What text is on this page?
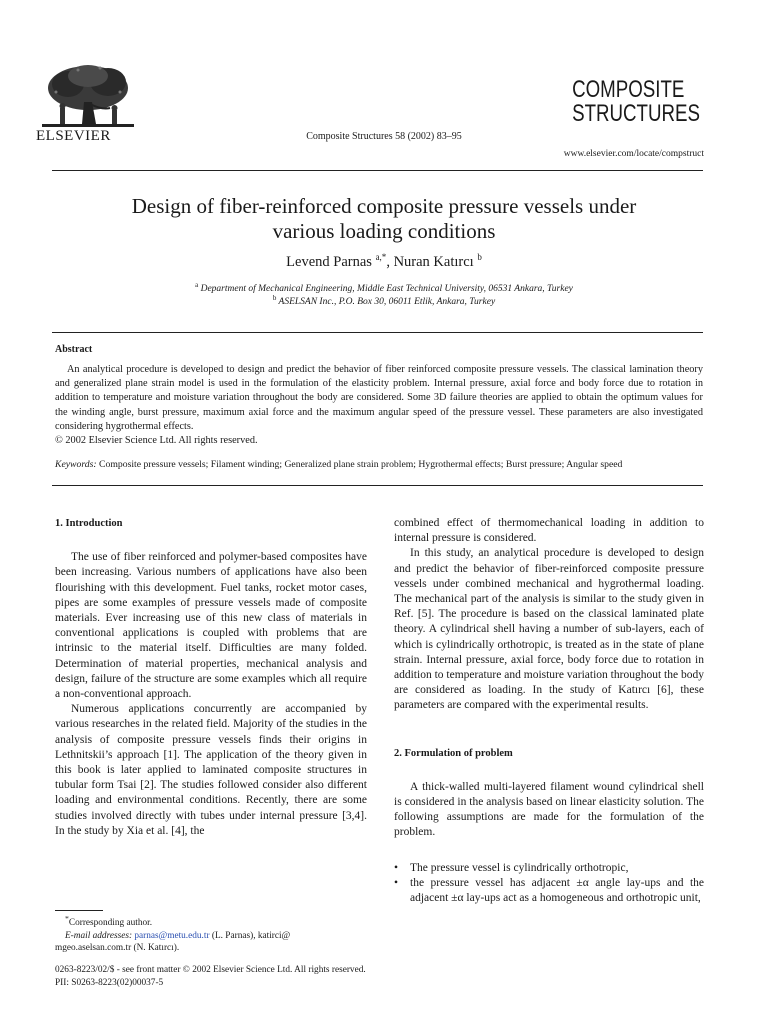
ELSEVIER	Composite Structures 58 (2002) 83–95
COMPOSITE
STRUCTURES
www.elsevier.com/locate/compstruct
Design of fiber-reinforced composite pressure vessels under
various loading conditions
Levend Parnas $^{a,*}$, Nuran Katırcı $^b$
$^a$ Department of Mechanical Engineering, Middle East Technical University, 06531 Ankara, Turkey
$^b$ ASELSAN Inc., P.O. Box 30, 06011 Etlik, Ankara, Turkey
Abstract
An analytical procedure is developed to design and predict the behavior of fiber reinforced composite pressure vessels. The classical lamination theory and generalized plane strain model is used in the formulation of the elasticity problem. Internal pressure, axial force and body force due to rotation in addition to temperature and moisture variation throughout the body are considered. Some 3D failure theories are applied to obtain the optimum values for the winding angle, burst pressure, maximum axial force and the maximum angular speed of the pressure vessel. These parameters are also investigated considering hygrothermal effects.
© 2002 Elsevier Science Ltd. All rights reserved.
Keywords: Composite pressure vessels; Filament winding; Generalized plane strain problem; Hygrothermal effects; Burst pressure; Angular speed
1. Introduction

The use of fiber reinforced and polymer-based composites have been increasing. Various numbers of applications have also been flourishing with this development. Fuel tanks, rocket motor cases, pipes are some examples of pressure vessels made of composite materials. Ever increasing use of this new class of materials in conventional applications is coupled with problems that are intrinsic to the material itself. Difficulties are many folded. Determination of material properties, mechanical analysis and design, failure of the structure are some examples which all require a non-conventional approach.

Numerous applications concurrently are accompanied by various researches in the related field. Majority of the studies in the analysis of composite pressure vessels finds their origins in Lethnitskii’s approach [1]. The application of the theory given in this book is later applied to laminated composite structures in tubular form Tsai [2]. The studies followed consider also different loading and environmental conditions. Recently, there are some studies involved directly with tubes under internal pressure [3,4]. In the study by Xia et al. [4], the

combined effect of thermomechanical loading in addition to internal pressure is considered.

In this study, an analytical procedure is developed to design and predict the behavior of fiber-reinforced composite pressure vessels under combined mechanical and hygrothermal loading. The mechanical part of the analysis is similar to the study given in Ref. [5]. The procedure is based on the classical laminated plate theory. A cylindrical shell having a number of sub-layers, each of which is cylindrically orthotropic, is treated as in the state of plane strain. Internal pressure, axial force, body force due to rotation in addition to temperature and moisture variation throughout the body are considered as loading. In the study of Katırcı [6], these parameters are compared with the experimental results.

2. Formulation of problem

A thick-walled multi-layered filament wound cylindrical shell is considered in the analysis based on linear elasticity solution. The following assumptions are made for the formulation of the problem.

• The pressure vessel is cylindrically orthotropic,
• the pressure vessel has adjacent ±α angle lay-ups and the adjacent ±α lay-ups act as a homogeneous and orthotropic unit,
*Corresponding author.
E-mail addresses: parnas@metu.edu.tr (L. Parnas), katirci@
mgeo.aselsan.com.tr (N. Katırcı).
0263-8223/02/$ - see front matter © 2002 Elsevier Science Ltd. All rights reserved.
PII: S0263-8223(02)00037-5
